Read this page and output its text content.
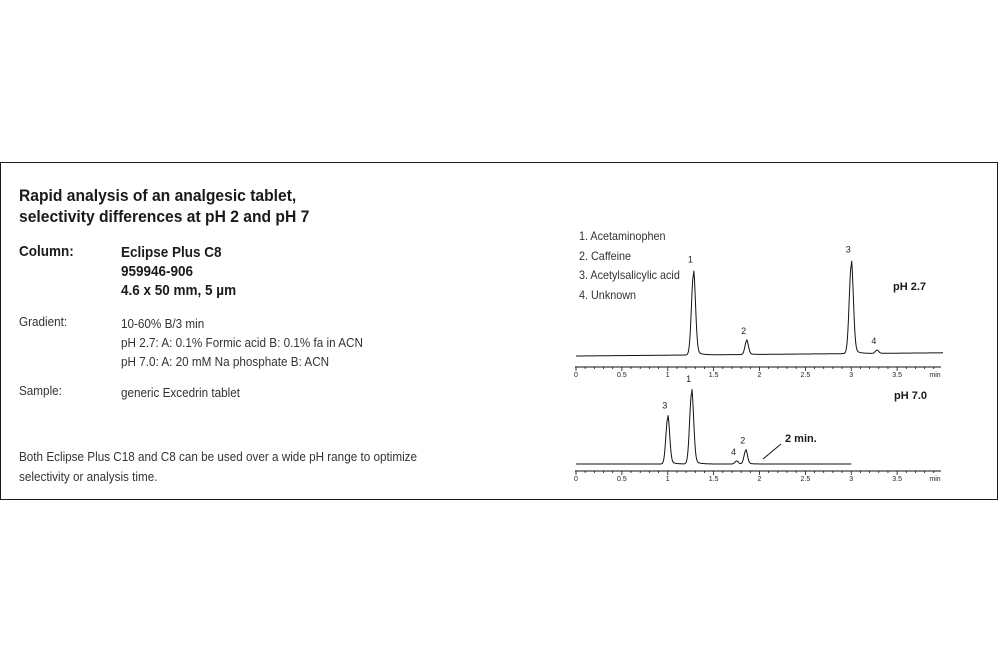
Rapid analysis of an analgesic tablet,
selectivity differences at pH 2 and pH 7
Column:	Eclipse Plus C8
959946-906
4.6 x 50 mm, 5 µm
Gradient:	10-60% B/3 min
pH 2.7: A: 0.1% Formic acid B: 0.1% fa in ACN
pH 7.0: A: 20 mM Na phosphate B: ACN
Sample:	generic Excedrin tablet
Both Eclipse Plus C18 and C8 can be used over a wide pH range to optimize
selectivity or analysis time.
1. Acetaminophen
2. Caffeine
3. Acetylsalicylic acid
4. Unknown
0	0.5	1	1.5	2	2.5	3	3.5	min
1
2
3
4
pH 2.7
0	0.5	1	1.5	2	2.5	3	3.5	min
3
1
4
2
pH 7.0
2 min.
